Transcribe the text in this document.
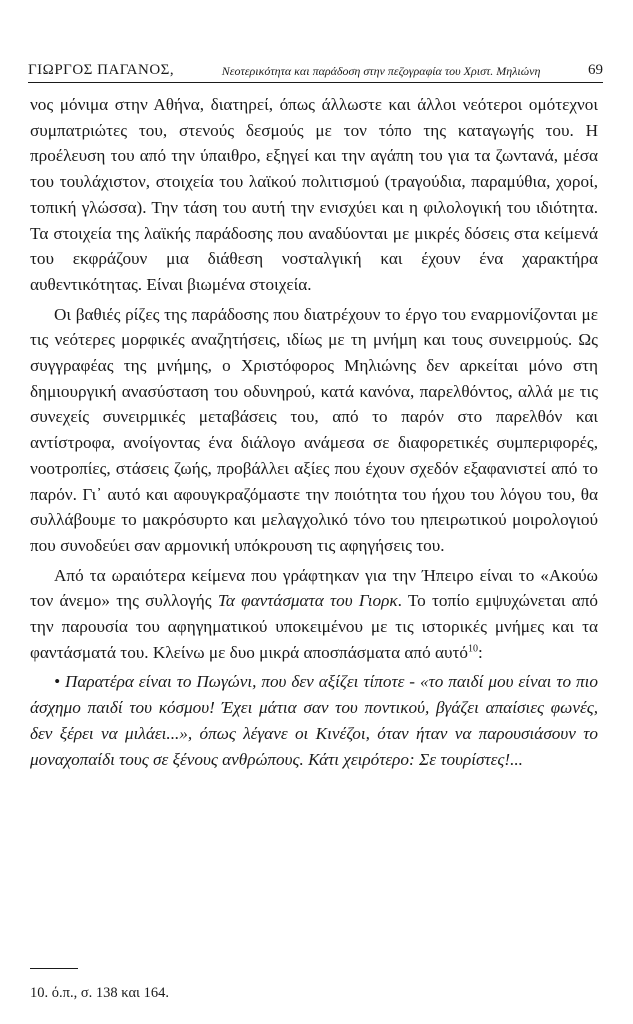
ΓΙΩΡΓΟΣ ΠΑΓΑΝΟΣ,	Νεοτερικότητα και παράδοση στην πεζογραφία του Χριστ. Μηλιώνη	69

νος μόνιμα στην Αθήνα, διατηρεί, όπως άλλωστε και άλλοι νεότεροι ομότεχνοι συμπατριώτες του, στενούς δεσμούς με τον τόπο της καταγωγής του. Η προέλευση του από την ύπαιθρο, εξηγεί και την αγάπη του για τα ζωντανά, μέσα του τουλάχιστον, στοιχεία του λαϊκού πολιτισμού (τραγούδια, παραμύθια, χοροί, τοπική γλώσσα). Την τάση του αυτή την ενισχύει και η φιλολογική του ιδιότητα. Τα στοιχεία της λαϊκής παράδοσης που αναδύονται με μικρές δόσεις στα κείμενά του εκφράζουν μια διάθεση νοσταλγική και έχουν ένα χαρακτήρα αυθεντικότητας. Είναι βιωμένα στοιχεία.

Οι βαθιές ρίζες της παράδοσης που διατρέχουν το έργο του εναρμονίζονται με τις νεότερες μορφικές αναζητήσεις, ιδίως με τη μνήμη και τους συνειρμούς. Ως συγγραφέας της μνήμης, ο Χριστόφορος Μηλιώνης δεν αρκείται μόνο στη δημιουργική ανασύσταση του οδυνηρού, κατά κανόνα, παρελθόντος, αλλά με τις συνεχείς συνειρμικές μεταβάσεις του, από το παρόν στο παρελθόν και αντίστροφα, ανοίγοντας ένα διάλογο ανάμεσα σε διαφορετικές συμπεριφορές, νοοτροπίες, στάσεις ζωής, προβάλλει αξίες που έχουν σχεδόν εξαφανιστεί από το παρόν. Γι᾽ αυτό και αφουγκραζόμαστε την ποιότητα του ήχου του λόγου του, θα συλλάβουμε το μακρόσυρτο και μελαγχολικό τόνο του ηπειρωτικού μοιρολογιού που συνοδεύει σαν αρμονική υπόκρουση τις αφηγήσεις του.

Από τα ωραιότερα κείμενα που γράφτηκαν για την Ήπειρο είναι το «Ακούω τον άνεμο» της συλλογής Τα φαντάσματα του Γιορκ. Το τοπίο εμψυχώνεται από την παρουσία του αφηγηματικού υποκειμένου με τις ιστορικές μνήμες και τα φαντάσματά του. Κλείνω με δυο μικρά αποσπάσματα από αυτό$^{10}$:

• Παρατέρα είναι το Πωγώνι, που δεν αξίζει τίποτε - «το παιδί μου είναι το πιο άσχημο παιδί του κόσμου! Έχει μάτια σαν του ποντικού, βγάζει απαίσιες φωνές, δεν ξέρει να μιλάει...», όπως λέγανε οι Κινέζοι, όταν ήταν να παρουσιάσουν το μοναχοπαίδι τους σε ξένους ανθρώπους. Κάτι χειρότερο: Σε τουρίστες!...

10. ό.π., σ. 138 και 164.
